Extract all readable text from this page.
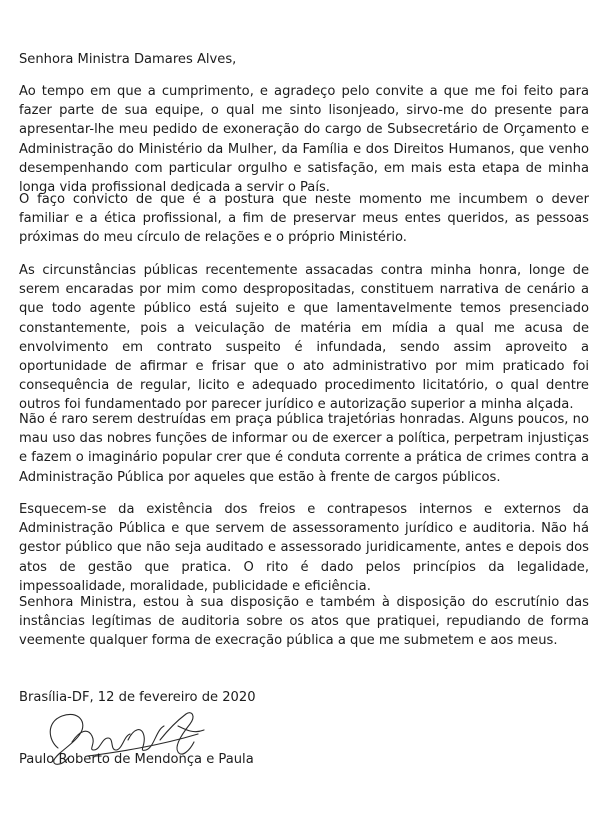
Senhora Ministra Damares Alves,

Ao tempo em que a cumprimento, e agradeço pelo convite a que me foi feito para fazer parte de sua equipe, o qual me sinto lisonjeado, sirvo-me do presente para apresentar-lhe meu pedido de exoneração do cargo de Subsecretário de Orçamento e Administração do Ministério da Mulher, da Família e dos Direitos Humanos, que venho desempenhando com particular orgulho e satisfação, em mais esta etapa de minha longa vida profissional dedicada a servir o País.

O faço convicto de que é a postura que neste momento me incumbem o dever familiar e a ética profissional, a fim de preservar meus entes queridos, as pessoas próximas do meu círculo de relações e o próprio Ministério.

As circunstâncias públicas recentemente assacadas contra minha honra, longe de serem encaradas por mim como despropositadas, constituem narrativa de cenário a que todo agente público está sujeito e que lamentavelmente temos presenciado constantemente, pois a veiculação de matéria em mídia a qual me acusa de envolvimento em contrato suspeito é infundada, sendo assim aproveito a oportunidade de afirmar e frisar que o ato administrativo por mim praticado foi consequência de regular, licito e adequado procedimento licitatório, o qual dentre outros foi fundamentado por parecer jurídico e autorização superior a minha alçada.

Não é raro serem destruídas em praça pública trajetórias honradas. Alguns poucos, no mau uso das nobres funções de informar ou de exercer a política, perpetram injustiças e fazem o imaginário popular crer que é conduta corrente a prática de crimes contra a Administração Pública por aqueles que estão à frente de cargos públicos.

Esquecem-se da existência dos freios e contrapesos internos e externos da Administração Pública e que servem de assessoramento jurídico e auditoria. Não há gestor público que não seja auditado e assessorado juridicamente, antes e depois dos atos de gestão que pratica. O rito é dado pelos princípios da legalidade, impessoalidade, moralidade, publicidade e eficiência.

Senhora Ministra, estou à sua disposição e também à disposição do escrutínio das instâncias legítimas de auditoria sobre os atos que pratiquei, repudiando de forma veemente qualquer forma de execração pública a que me submetem e aos meus.

Brasília-DF, 12 de fevereiro de 2020

Paulo Roberto de Mendonça e Paula
